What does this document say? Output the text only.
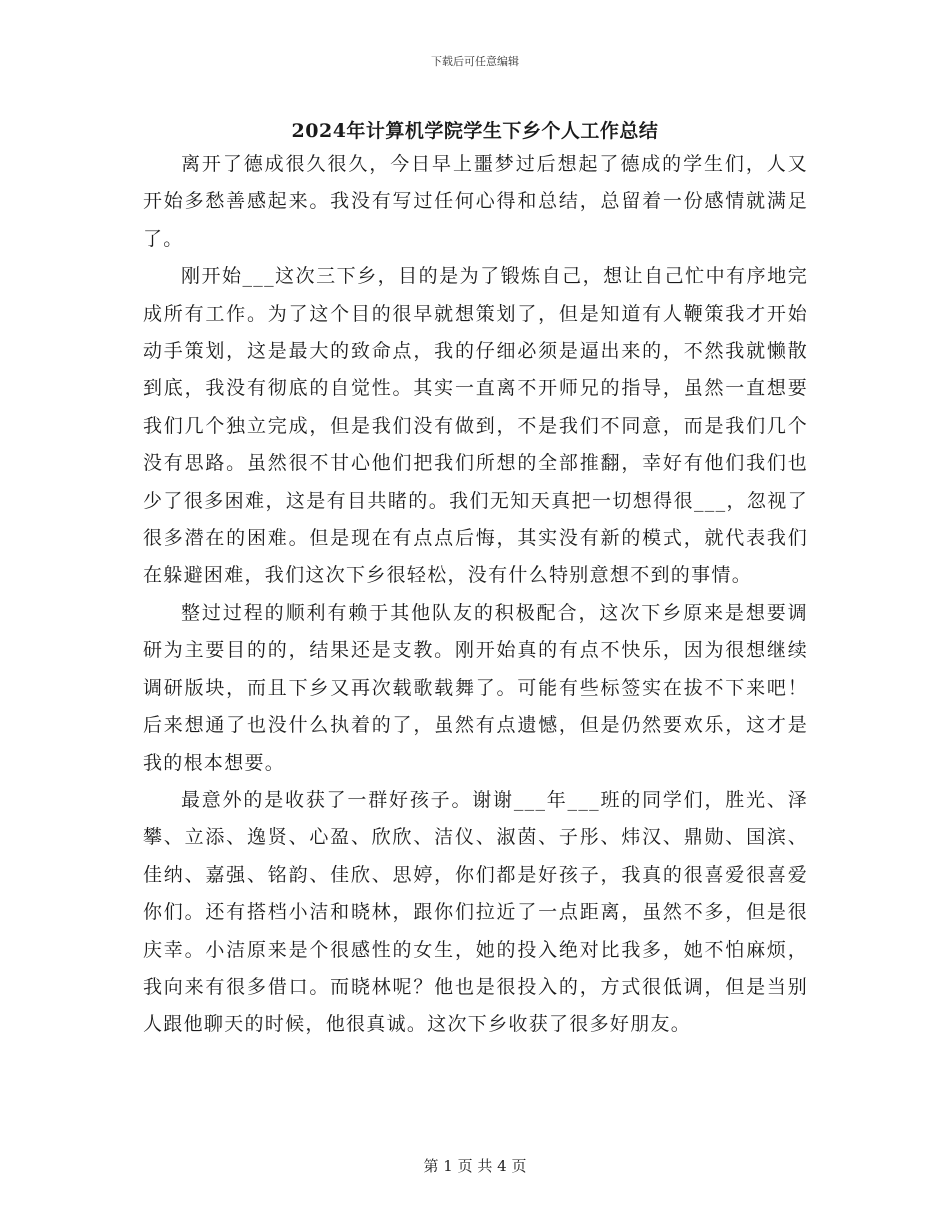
下载后可任意编辑
2024年计算机学院学生下乡个人工作总结

离开了德成很久很久，今日早上噩梦过后想起了德成的学生们，人又开始多愁善感起来。我没有写过任何心得和总结，总留着一份感情就满足了。

刚开始___这次三下乡，目的是为了锻炼自己，想让自己忙中有序地完成所有工作。为了这个目的很早就想策划了，但是知道有人鞭策我才开始动手策划，这是最大的致命点，我的仔细必须是逼出来的，不然我就懒散到底，我没有彻底的自觉性。其实一直离不开师兄的指导，虽然一直想要我们几个独立完成，但是我们没有做到，不是我们不同意，而是我们几个没有思路。虽然很不甘心他们把我们所想的全部推翻，幸好有他们我们也少了很多困难，这是有目共睹的。我们无知天真把一切想得很___，忽视了很多潜在的困难。但是现在有点点后悔，其实没有新的模式，就代表我们在躲避困难，我们这次下乡很轻松，没有什么特别意想不到的事情。

整过过程的顺利有赖于其他队友的积极配合，这次下乡原来是想要调研为主要目的的，结果还是支教。刚开始真的有点不快乐，因为很想继续调研版块，而且下乡又再次载歌载舞了。可能有些标签实在拔不下来吧！后来想通了也没什么执着的了，虽然有点遗憾，但是仍然要欢乐，这才是我的根本想要。

最意外的是收获了一群好孩子。谢谢___年___班的同学们，胜光、泽攀、立添、逸贤、心盈、欣欣、洁仪、淑茵、子彤、炜汉、鼎勋、国滨、佳纳、嘉强、铭韵、佳欣、思婷，你们都是好孩子，我真的很喜爱很喜爱你们。还有搭档小洁和晓林，跟你们拉近了一点距离，虽然不多，但是很庆幸。小洁原来是个很感性的女生，她的投入绝对比我多，她不怕麻烦，我向来有很多借口。而晓林呢？他也是很投入的，方式很低调，但是当别人跟他聊天的时候，他很真诚。这次下乡收获了很多好朋友。

第 1 页 共 4 页
